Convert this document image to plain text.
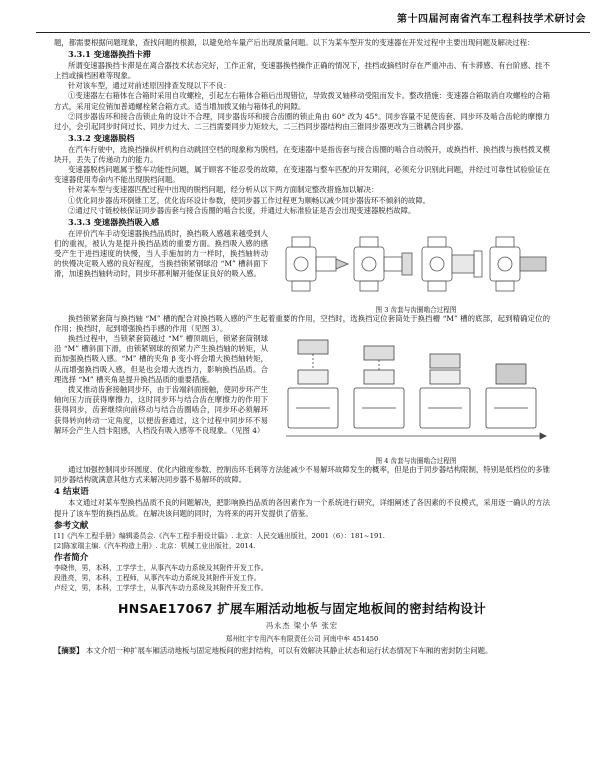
第十四届河南省汽车工程科技学术研讨会

题，都需要根据问题现象，查找问题的根源，以避免给车量产后出现质量问题。以下为某车型开发的变速器在开发过程中主要出现问题及解决过程：

3.3.1 变速器换挡卡滞

所谓变速器换挡卡滞是在离合器技术状态完好，工作正常，变速器换档操作正确的情况下，挂档或摘档时存在严重冲击、有卡滞感、有台阶感、挂不上挡或摘档困难等现象。

针对该车型，通过对前述原因排查发现以下不良：

①变速器左右箱体在合箱时采用自攻螺栓，引起左右箱体合箱后出现错位，导致拨叉轴移动受阻而发卡。整改措施：变速器合箱取消自攻螺栓的合箱方式，采用定位销加普通螺栓紧合箱方式。适当增加拨叉轴与箱体孔的间隙。

②同步器齿环和接合齿锁止角的设计不合理，同步器齿环和接合齿圈的锁止角由 60° 改为 45°。同步容量不足使齿套、同步环及啮合齿轮的摩擦力过小，会引起同步时间过长、同步力过大、二三挡需要同步力矩较大，二三挡同步器结构由三锥同步器更改为三锥耦合同步器。

3.3.2 变速器脱档

在汽车行驶中，选换挡操纵杆机构自动跳回空档的现象称为脱档。在变速器中是指齿套与接合齿圈的啮合自动脱开，或换挡杆、换挡拨与换档拨叉模块开，丢失了传递动力的能力。

变速器脱档问题属于整车功能性问题，属于顾客不能忍受的故障，在变速器与整车匹配的开发期间，必须充分识别此问题，并经过可靠性试验验证在变速器使用寿命内不能出现脱档问题。

针对某车型与变速器匹配过程中出现的脱档问题，经分析从以下两方面制定整改措施加以解决：

①优化同步器齿环倒锥工艺，优化齿环设计参数，使同步器工作过程更为顺畅以减少同步器齿环不倾斜的故障。

②通过尺寸链校核保证同步器齿套与接合齿圈的啮合长度，并通过大标准验证是否会出现变速器脱档故障。

3.3.3 变速器换挡吸入感
图 3 齿套与齿圈啮合过程图

在评价汽车手动变速器换挡品质时，换挡吸入感越来越受到人们的重视，被认为是提升换挡品质的重要方面。换挡吸入感的感受产生于进挡速度的快慢，当人手施加的力一样时，换挡轴转动的快慢决定吸入感的良好程度，当换挡锁紧钢球沿 “M” 槽斜面下滑，加速换挡轴转动时，同步环都利解开能保证良好的吸入感。

换挡锁紧套筒与换挡轴 “M” 槽的配合对换挡吸入感的产生起着重要的作用，空挡时，选换挡定位套筒处于换挡槽 “M” 槽的底部，起到精确定位的作用；换挡时，起到增强换挡手感的作用（见图 3）。

图 4 齿套与齿圈啮合过程图

换挡过程中，当锁紧套筒越过 “M” 槽顶端后，锁紧套筒钢球沿 “M” 槽斜面下滑，由锁紧钢球的预紧力产生换挡轴的转矩，从而加强换挡吸入感。“M” 槽的夹角 β 变小将会增大换挡轴转矩，从而增强换挡吸入感，但是也会增大选挡力，影响换挡品质。合理选择 “M” 槽夹角是提升换挡品质的重要措施。

拨叉推动齿套接触同步环，由于齿端斜面接触，使同步环产生轴向压力而获得摩擦力，这时同步环与结合齿在摩擦力的作用下获得同步，齿套继续向前移动与结合齿圈啮合，同步环必须解环获得转向转动一定角度，以便齿套通过，这个过程中同步环不易解环会产生人挡卡阻感，人档没有吸入感等不良现象。（见图 4）

通过加强控制同步环圆度、优化内锥度参数、控制齿环毛刺等方法能减少不易解环故障发生的概率，但是由于同步器结构限制，特别是低档位的多锥同步器结构就满意其他方式来解决同步器不易解环的故障。

4 结束语

本文通过对某车型换档品质不良的问题解决，把影响换挡品质的各因素作为一个系统进行研究，详细阐述了各因素的不良模式，采用逐一确认的方法提升了该车型的换挡品质。在解决该问题的同时，为将来的再开发提供了借鉴。

参考文献
[1]《汽车工程手册》编辑委员会.《汽车工程手册设计篇》. 北京：人民交通出版社，2001（6）：181~191.
[2]陈家瑞主编.《汽车构造上册》. 北京：机械工业出版社，2014.
作者简介
李晓伟，男，本科，工学学士，从事汽车动力系统及其附件开发工作。
段胜亮，男，本科，工程师，从事汽车动力系统及其附件开发工作。
卢经文，男，本科，工学学士，从事汽车动力系统及其附件开发工作。
HNSAE17067 扩展车厢活动地板与固定地板间的密封结构设计
冯永杰 梁小华 张宏
郑州红宇专用汽车有限责任公司 河南中牟 451450

【摘要】 本文介绍一种扩展车厢活动地板与固定地板间的密封结构，可以有效解决其静止状态和运行状态情况下车厢的密封防尘问题。
